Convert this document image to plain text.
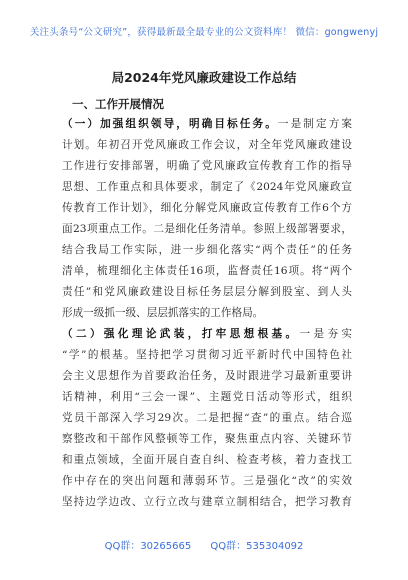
关注头条号“公文研究”，获得最新最全最专业的公文资料库！ 微信：gongwenyj
局2024年党风廉政建设工作总结
一、工作开展情况
（一）加强组织领导，明确目标任务。一是制定方案
计划。年初召开党风廉政工作会议，对全年党风廉政建设
工作进行安排部署，明确了党风廉政宣传教育工作的指导
思想、工作重点和具体要求，制定了《2024年党风廉政宣
传教育工作计划》，细化分解党风廉政宣传教育工作6个方
面23项重点工作。二是细化任务清单。参照上级部署要求，
结合我局工作实际，进一步细化落实“两个责任”的任务
清单，梳理细化主体责任16项，监督责任16项。将“两个
责任”和党风廉政建设目标任务层层分解到股室、到人头
形成一级抓一级、层层抓落实的工作格局。
（二）强化理论武装，打牢思想根基。一是夯实
“学”的根基。坚持把学习贯彻习近平新时代中国特色社
会主义思想作为首要政治任务，及时跟进学习最新重要讲
话精神，利用“三会一课”、主题党日活动等形式，组织
党员干部深入学习29次。二是把握“查”的重点。结合巡
察整改和干部作风整顿等工作，聚焦重点内容、关键环节
和重点领域，全面开展自查自纠、检查考核，着力查找工
作中存在的突出问题和薄弱环节。三是强化“改”的实效
坚持边学边改、立行立改与建章立制相结合，把学习教育
QQ群：30265665 QQ群：535304092
